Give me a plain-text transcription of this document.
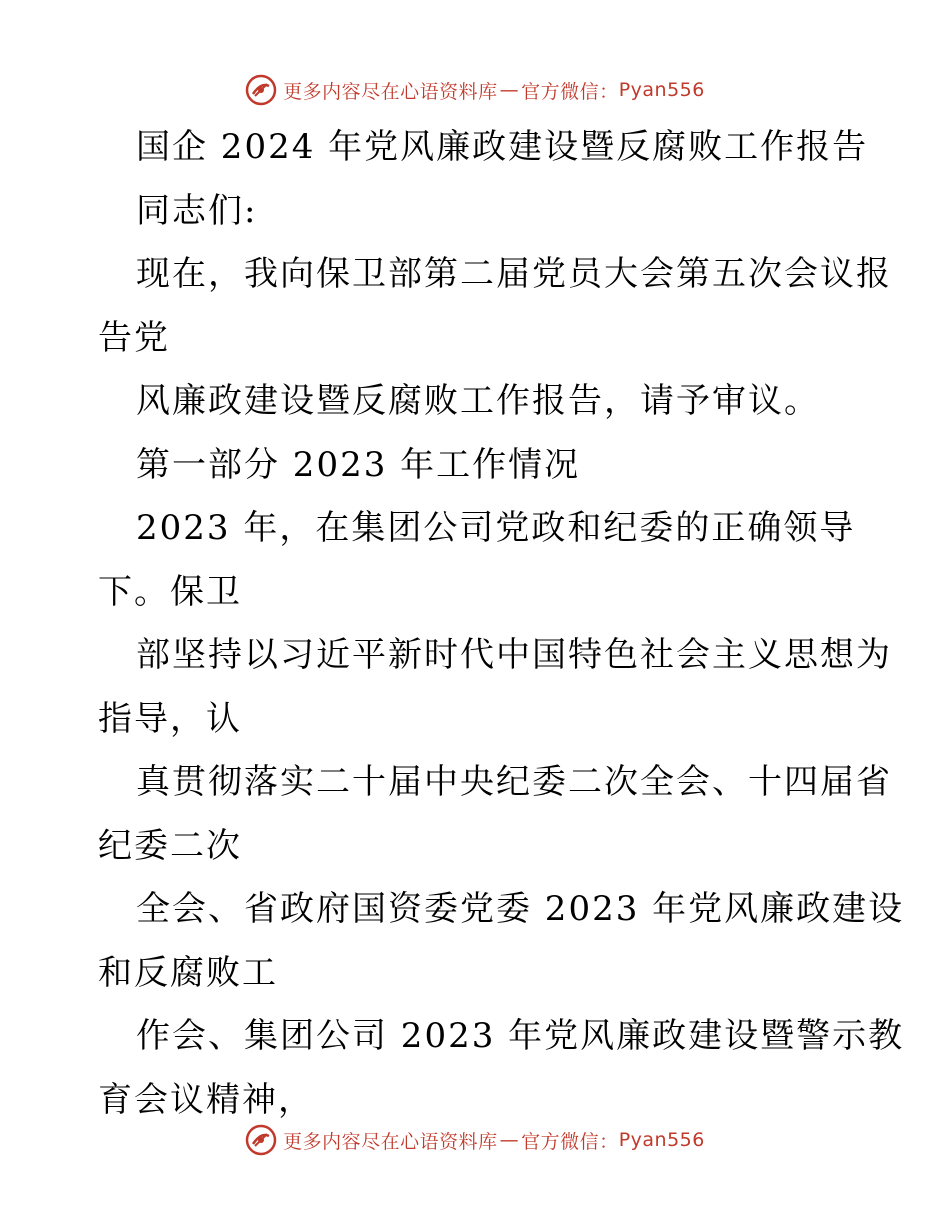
更多内容尽在心语资料库 — 官方微信： Pyan556
国企 2024 年党风廉政建设暨反腐败工作报告
同志们:
现在，我向保卫部第二届党员大会第五次会议报
告党
风廉政建设暨反腐败工作报告，请予审议。
第一部分 2023 年工作情况
2023 年，在集团公司党政和纪委的正确领导
下。保卫
部坚持以习近平新时代中国特色社会主义思想为
指导，认
真贯彻落实二十届中央纪委二次全会、十四届省
纪委二次
全会、省政府国资委党委 2023 年党风廉政建设
和反腐败工
作会、集团公司 2023 年党风廉政建设暨警示教
育会议精神，
更多内容尽在心语资料库 — 官方微信： Pyan556
